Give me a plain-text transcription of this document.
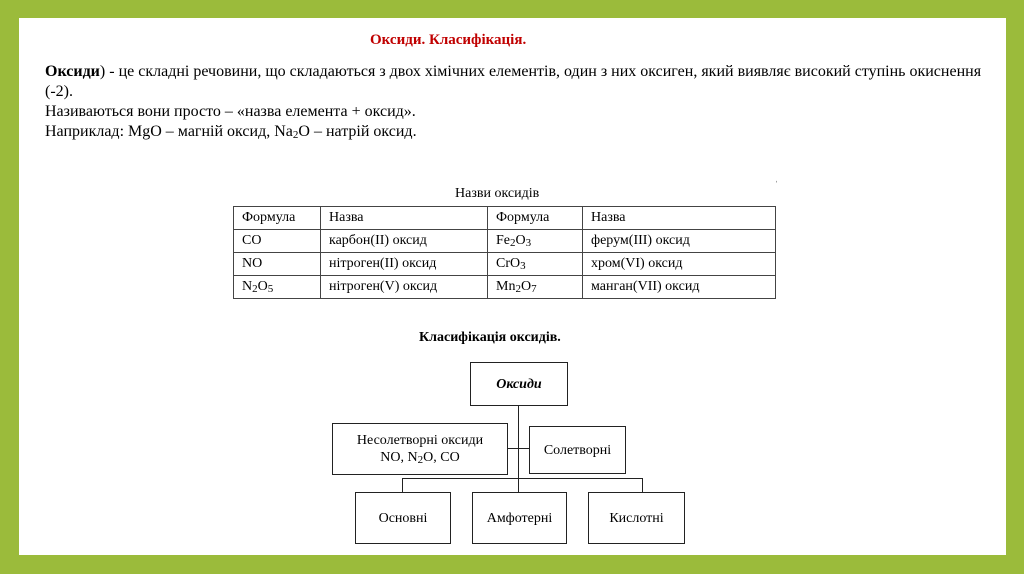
Оксиди. Класифікація.
Оксиди) - це складні речовини, що складаються з двох хімічних елементів, один з них оксиген, який виявляє високий ступінь окиснення (-2).
Називаються вони просто – «назва елемента + оксид».
Наприклад: MgO – магній оксид, Na2O – натрій оксид.
ˌ
Назви оксидів
Формула	Назва	Формула	Назва
CO	карбон(ІІ) оксид	Fe2O3	ферум(ІІІ) оксид
NO	нітроген(ІІ) оксид	CrO3	хром(VI) оксид
N2O5	нітроген(V) оксид	Mn2O7	манган(VII) оксид
Класифікація оксидів.
Оксиди
Несолетворні оксиди
NO, N2O, CO	Солетворні
Основні	Амфотерні	Кислотні
